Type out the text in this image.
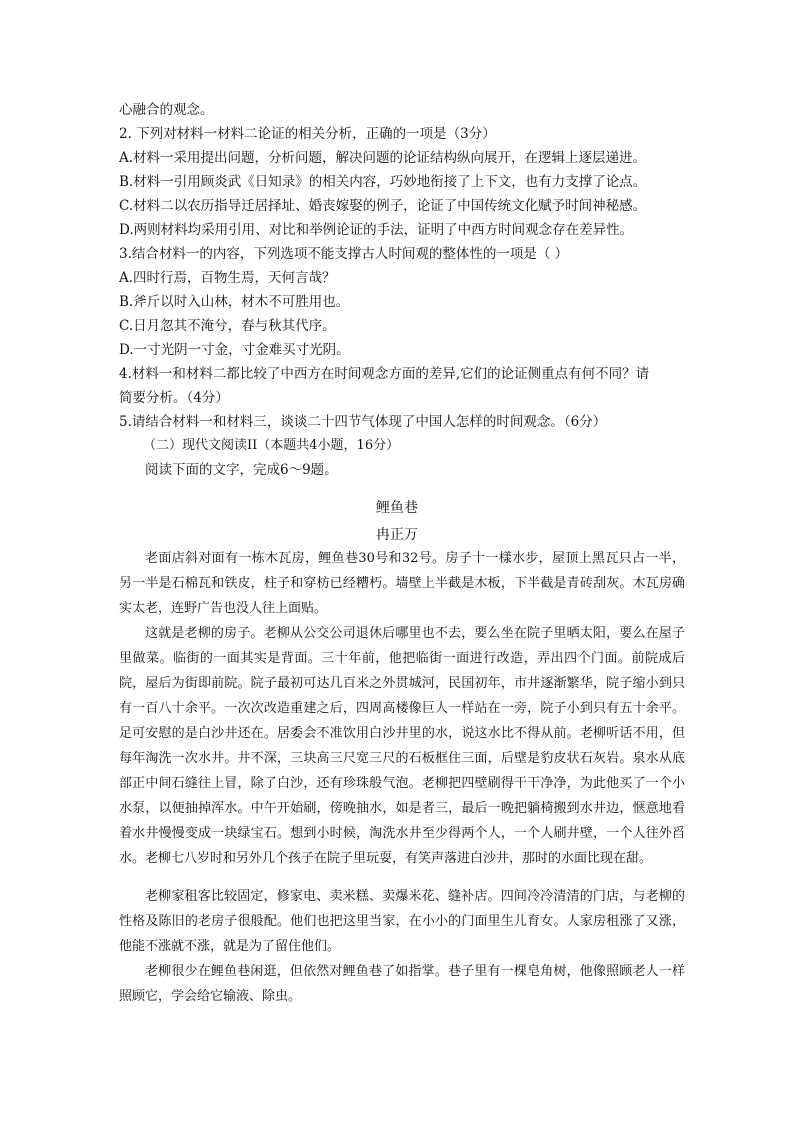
心融合的观念。
2. 下列对材料一材料二论证的相关分析，正确的一项是（3分）
A.材料一采用提出问题，分析问题，解决问题的论证结构纵向展开，在逻辑上逐层递进。
B.材料一引用顾炎武《日知录》的相关内容，巧妙地衔接了上下文，也有力支撑了论点。
C.材料二以农历指导迁居择址、婚丧嫁娶的例子，论证了中国传统文化赋予时间神秘感。
D.两则材料均采用引用、对比和举例论证的手法，证明了中西方时间观念存在差异性。
3.结合材料一的内容，下列选项不能支撑古人时间观的整体性的一项是（ ）
A.四时行焉，百物生焉，天何言哉？
B.斧斤以时入山林，材木不可胜用也。
C.日月忽其不淹兮，春与秋其代序。
D.一寸光阴一寸金，寸金难买寸光阴。
4.材料一和材料二都比较了中西方在时间观念方面的差异,它们的论证侧重点有何不同？请
简要分析。（4分）
5.请结合材料一和材料三，谈谈二十四节气体现了中国人怎样的时间观念。（6分）
（二）现代文阅读II（本题共4小题，16分）
阅读下面的文字，完成6～9题。
鲤鱼巷
冉正万

老面店斜对面有一栋木瓦房，鲤鱼巷30号和32号。房子十一樣水步，屋顶上黑瓦只占一半，另一半是石棉瓦和铁皮，柱子和穿枋已经糟朽。墙壁上半截是木板，下半截是青砖刮灰。木瓦房确实太老，连野广告也没人往上面贴。

这就是老柳的房子。老柳从公交公司退休后哪里也不去，要么坐在院子里晒太阳，要么在屋子里做菜。临街的一面其实是背面。三十年前，他把临街一面进行改造，弄出四个门面。前院成后院，屋后为街即前院。院子最初可达几百米之外贯城河，民国初年，市井逐渐繁华，院子缩小到只有一百八十余平。一次次改造重建之后，四周高楼像巨人一样站在一旁，院子小到只有五十余平。足可安慰的是白沙井还在。居委会不准饮用白沙井里的水，说这水比不得从前。老柳听话不用，但每年淘洗一次水井。井不深，三块高三尺宽三尺的石板框住三面，后壁是豹皮状石灰岩。泉水从底部正中间石缝往上冒，除了白沙，还有珍珠般气泡。老柳把四壁刷得干干净净，为此他买了一个小水泵，以便抽掉浑水。中午开始刷，傍晚抽水，如是者三，最后一晚把躺椅搬到水井边，惬意地看着水井慢慢变成一块绿宝石。想到小时候，淘洗水井至少得两个人，一个人刷井壁，一个人往外舀水。老柳七八岁时和另外几个孩子在院子里玩耍，有笑声落进白沙井，那时的水面比现在甜。

老柳家租客比较固定，修家电、卖米糕、卖爆米花、缝补店。四间冷冷清清的门店，与老柳的性格及陈旧的老房子很般配。他们也把这里当家，在小小的门面里生儿育女。人家房租涨了又涨，他能不涨就不涨，就是为了留住他们。

老柳很少在鲤鱼巷闲逛，但依然对鲤鱼巷了如指掌。巷子里有一棵皂角树，他像照顾老人一样照顾它，学会给它输液、除虫。
